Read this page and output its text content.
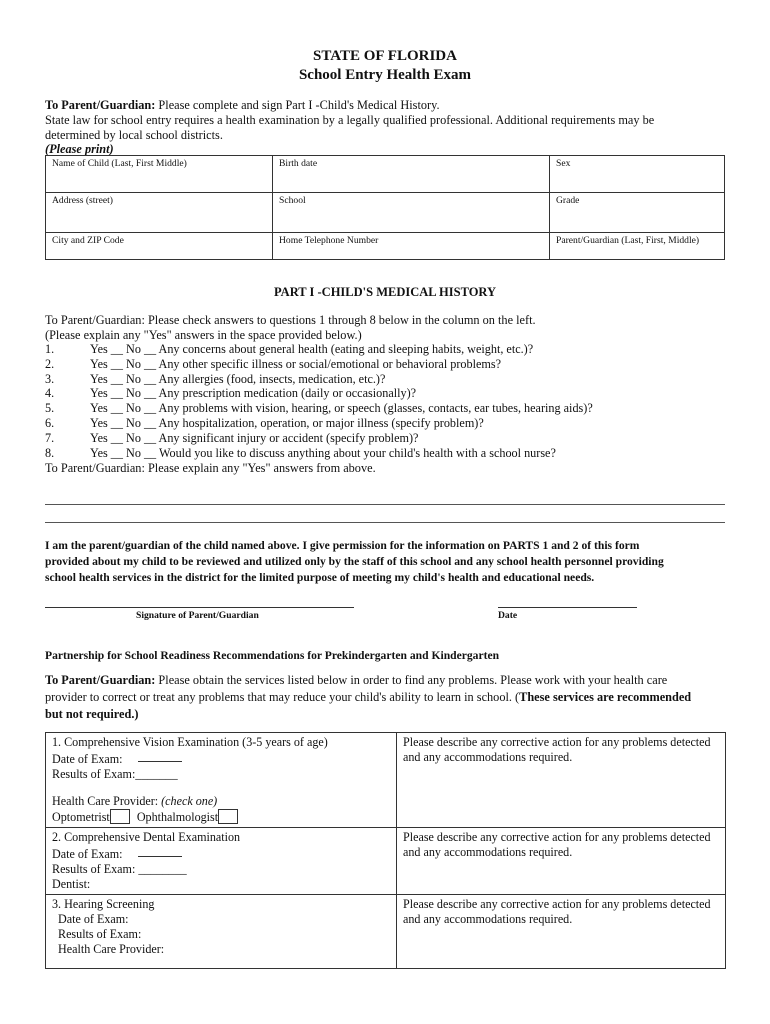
STATE OF FLORIDA
School Entry Health Exam
To Parent/Guardian: Please complete and sign Part I -Child's Medical History.
State law for school entry requires a health examination by a legally qualified professional. Additional requirements may be
determined by local school districts.
(Please print)
Name of Child (Last, First Middle)	Birth date	Sex
Address (street)	School	Grade
City and ZIP Code	Home Telephone Number	Parent/Guardian (Last, First, Middle)
PART I -CHILD'S MEDICAL HISTORY
To Parent/Guardian: Please check answers to questions 1 through 8 below in the column on the left.
(Please explain any "Yes" answers in the space provided below.)
1.	Yes __ No __ Any concerns about general health (eating and sleeping habits, weight, etc.)?
2.	Yes __ No __ Any other specific illness or social/emotional or behavioral problems?
3.	Yes __ No __ Any allergies (food, insects, medication, etc.)?
4.	Yes __ No __ Any prescription medication (daily or occasionally)?
5.	Yes __ No __ Any problems with vision, hearing, or speech (glasses, contacts, ear tubes, hearing aids)?
6.	Yes __ No __ Any hospitalization, operation, or major illness (specify problem)?
7.	Yes __ No __ Any significant injury or accident (specify problem)?
8.	Yes __ No __ Would you like to discuss anything about your child's health with a school nurse?
To Parent/Guardian: Please explain any "Yes" answers from above.
I am the parent/guardian of the child named above. I give permission for the information on PARTS 1 and 2 of this form
provided about my child to be reviewed and utilized only by the staff of this school and any school health personnel providing
school health services in the district for the limited purpose of meeting my child's health and educational needs.
Signature of Parent/Guardian	Date
Partnership for School Readiness Recommendations for Prekindergarten and Kindergarten
To Parent/Guardian: Please obtain the services listed below in order to find any problems. Please work with your health care
provider to correct or treat any problems that may reduce your child's ability to learn in school. (These services are recommended
but not required.)
1. Comprehensive Vision Examination (3-5 years of age)
Date of Exam:
Results of Exam:_______
Health Care Provider: (check one)
Optometrist Ophthalmologist	Please describe any corrective action for any problems detected and any accommodations required.

2. Comprehensive Dental Examination
Date of Exam:
Results of Exam: ________
Dentist:	Please describe any corrective action for any problems detected and any accommodations required.

3. Hearing Screening
Date of Exam:
Results of Exam:
Health Care Provider:	Please describe any corrective action for any problems detected and any accommodations required.
